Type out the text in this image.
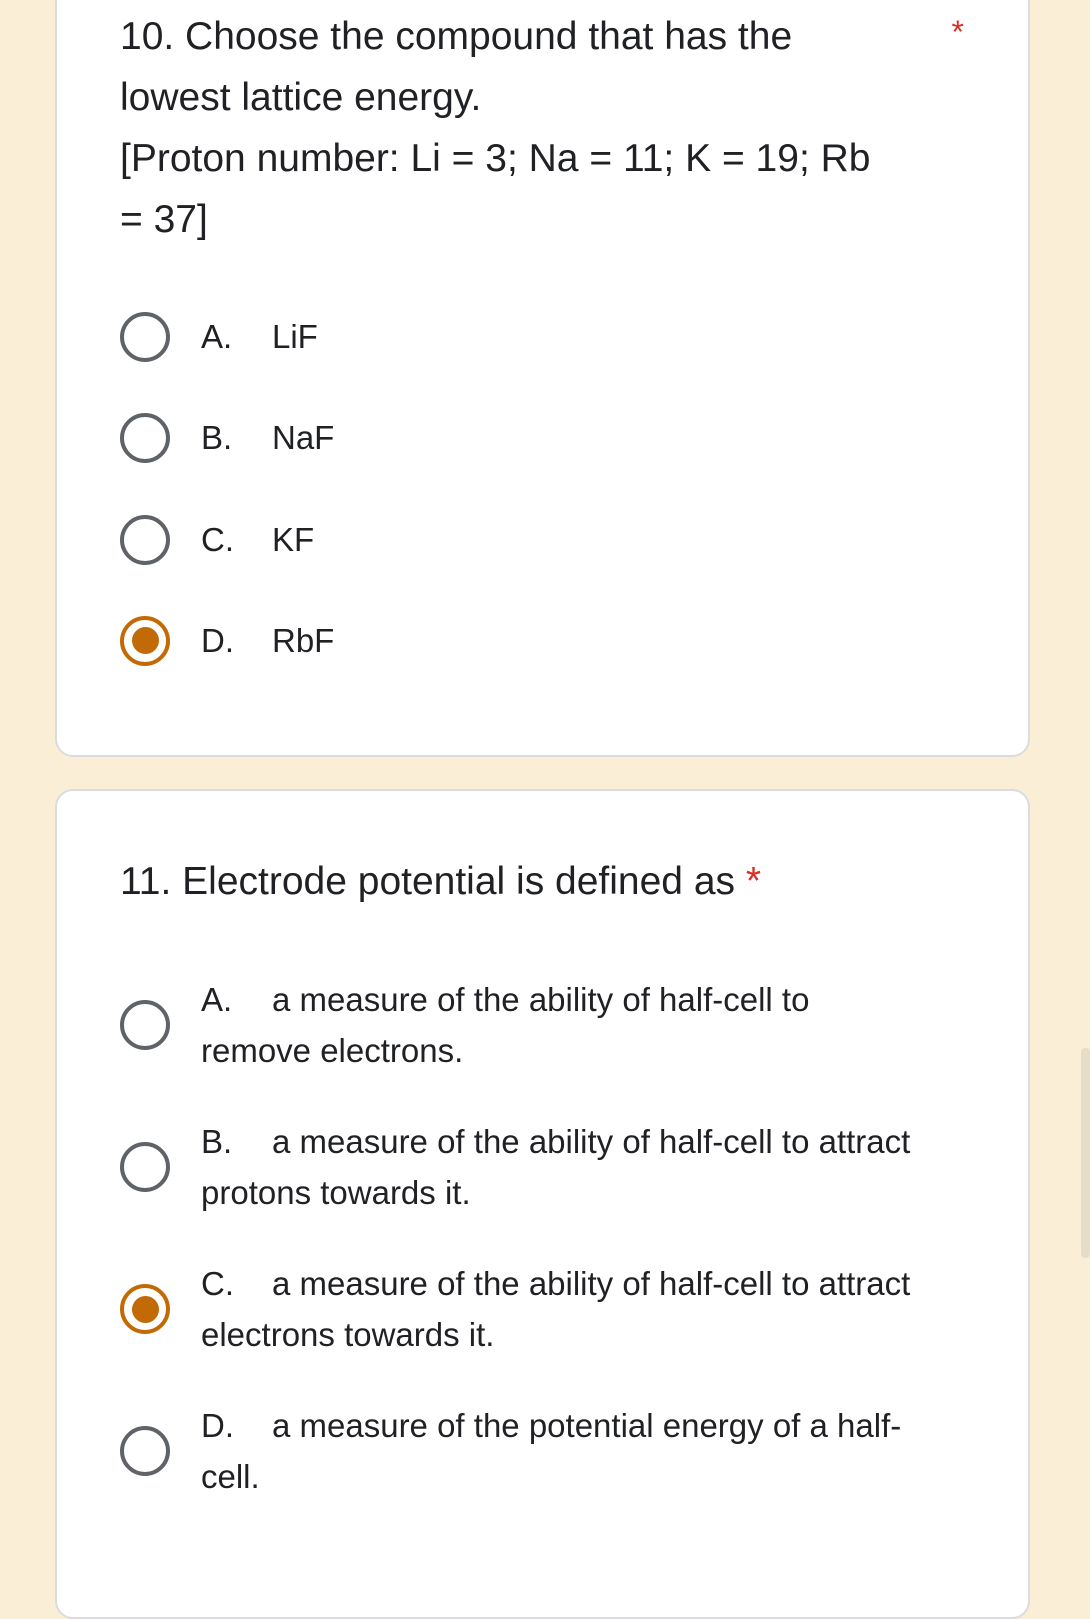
10. Choose the compound that has the
lowest lattice energy.
[Proton number: Li = 3; Na = 11; K = 19; Rb
= 37]
*
A. LiF
B. NaF
C. KF
D. RbF
11. Electrode potential is defined as *
A. a measure of the ability of half-cell to remove electrons.
B. a measure of the ability of half-cell to attract protons towards it.
C. a measure of the ability of half-cell to attract electrons towards it.
D. a measure of the potential energy of a half-cell.
